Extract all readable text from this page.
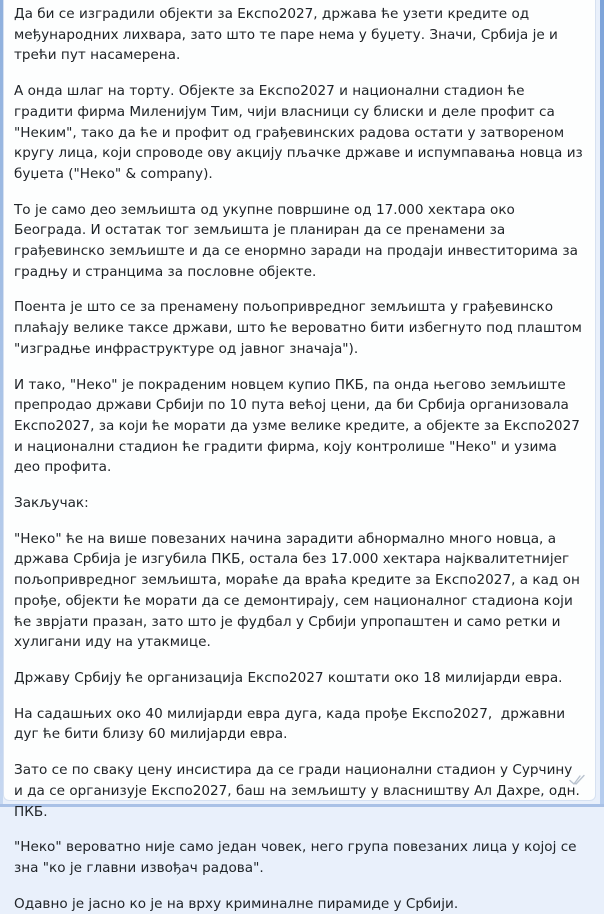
Да би се изградили објекти за Експо2027, држава ће узети кредите од међународних лихвара, зато што те паре нема у буџету. Значи, Србија је и трећи пут насамерена.

А онда шлаг на торту. Објекте за Експо2027 и национални стадион ће градити фирма Миленијум Тим, чији власници су блиски и деле профит са "Неким", тако да ће и профит од грађевинских радова остати у затвореном кругу лица, који спроводе ову акцију пљачке државе и испумпавања новца из буџета ("Неко" & company).

То је само део земљишта од укупне површине од 17.000 хектара око Београда. И остатак тог земљишта је планиран да се пренамени за грађевинско земљиште и да се енормно заради на продаји инвеститорима за градњу и странцима за пословне објекте.

Поента је што се за пренамену пољопривредног земљишта у грађевинско плаћају велике таксе држави, што ће вероватно бити избегнуто под плаштом "изградње инфраструктуре од јавног значаја").

И тако, "Неко" је покраденим новцем купио ПКБ, па онда његово земљиште препродао држави Србији по 10 пута већој цени, да би Србија организовала Експо2027, за који ће морати да узме велике кредите, а објекте за Експо2027 и национални стадион ће градити фирма, коју контролише "Неко" и узима део профита.

Закључак:

"Неко" ће на више повезаних начина зарадити абнормално много новца, а држава Србија је изгубила ПКБ, остала без 17.000 хектара најквалитетнијег пољопривредног земљишта, мораће да враћа кредите за Експо2027, а кад он прође, објекти ће морати да се демонтирају, сем националног стадиона који ће зврјати празан, зато што је фудбал у Србији упропаштен и само ретки и хулигани иду на утакмице.

Државу Србију ће организација Експо2027 коштати око 18 милијарди евра.

На садашњих око 40 милијарди евра дуга, када прође Експо2027,  државни дуг ће бити близу 60 милијарди евра.

Зато се по сваку цену инсистира да се гради национални стадион у Сурчину и да се организује Експо2027, баш на земљишту у власништву Ал Дахре, одн. ПКБ.

"Неко" вероватно није само један човек, него група повезаних лица у којој се зна "ко је главни извођач радова".

Одавно је јасно ко је на врху криминалне пирамиде у Србији.
